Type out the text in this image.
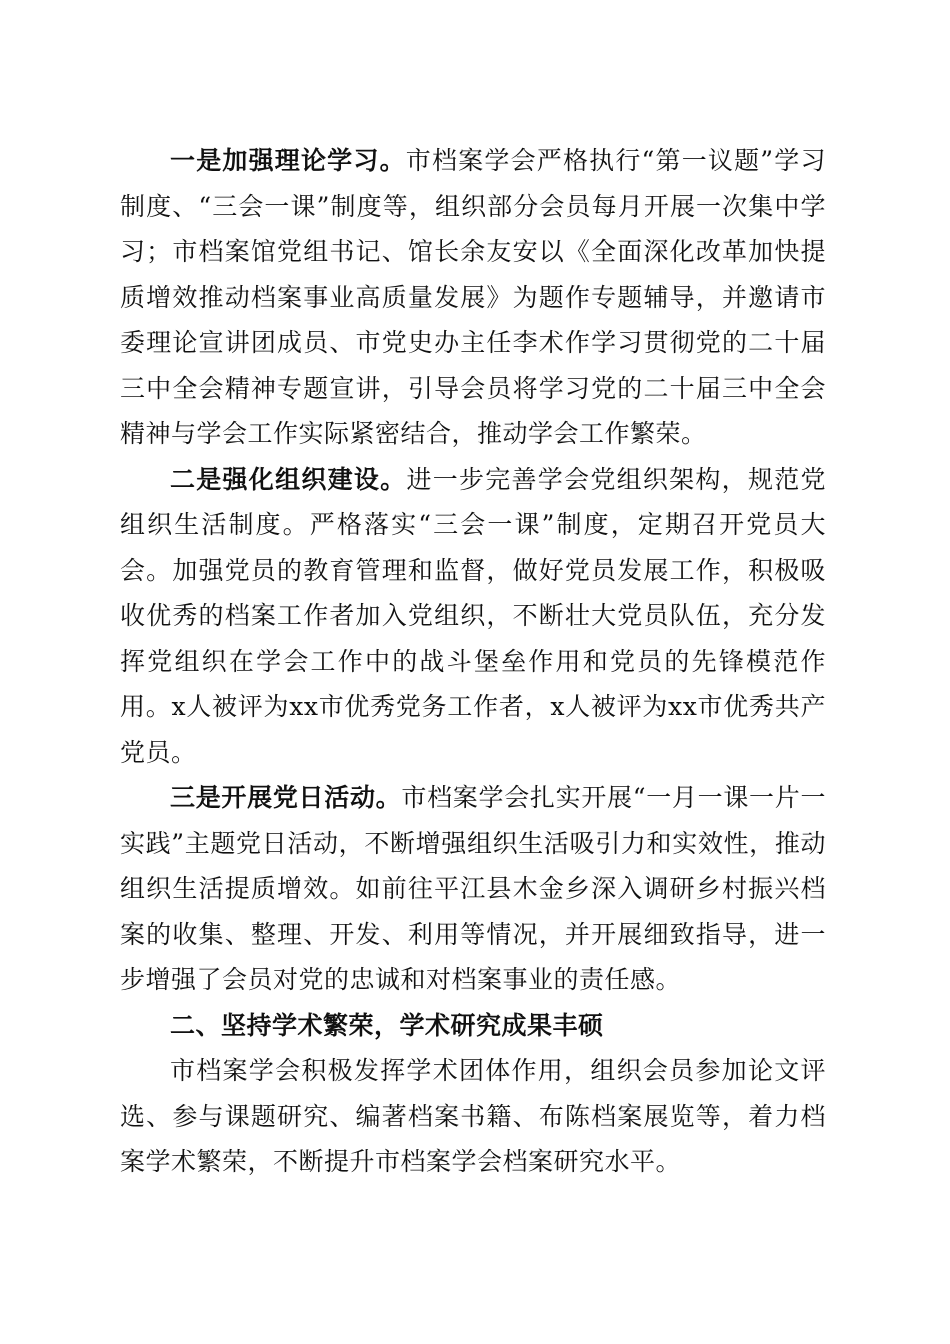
一是加强理论学习。市档案学会严格执行“第一议题”学习制度、“三会一课”制度等，组织部分会员每月开展一次集中学习；市档案馆党组书记、馆长余友安以《全面深化改革加快提质增效推动档案事业高质量发展》为题作专题辅导，并邀请市委理论宣讲团成员、市党史办主任李术作学习贯彻党的二十届三中全会精神专题宣讲，引导会员将学习党的二十届三中全会精神与学会工作实际紧密结合，推动学会工作繁荣。

二是强化组织建设。进一步完善学会党组织架构，规范党组织生活制度。严格落实“三会一课”制度，定期召开党员大会。加强党员的教育管理和监督，做好党员发展工作，积极吸收优秀的档案工作者加入党组织，不断壮大党员队伍，充分发挥党组织在学会工作中的战斗堡垒作用和党员的先锋模范作用。x人被评为xx市优秀党务工作者，x人被评为xx市优秀共产党员。

三是开展党日活动。市档案学会扎实开展“一月一课一片一实践”主题党日活动，不断增强组织生活吸引力和实效性，推动组织生活提质增效。如前往平江县木金乡深入调研乡村振兴档案的收集、整理、开发、利用等情况，并开展细致指导，进一步增强了会员对党的忠诚和对档案事业的责任感。

二、坚持学术繁荣，学术研究成果丰硕

市档案学会积极发挥学术团体作用，组织会员参加论文评选、参与课题研究、编著档案书籍、布陈档案展览等，着力档案学术繁荣，不断提升市档案学会档案研究水平。
